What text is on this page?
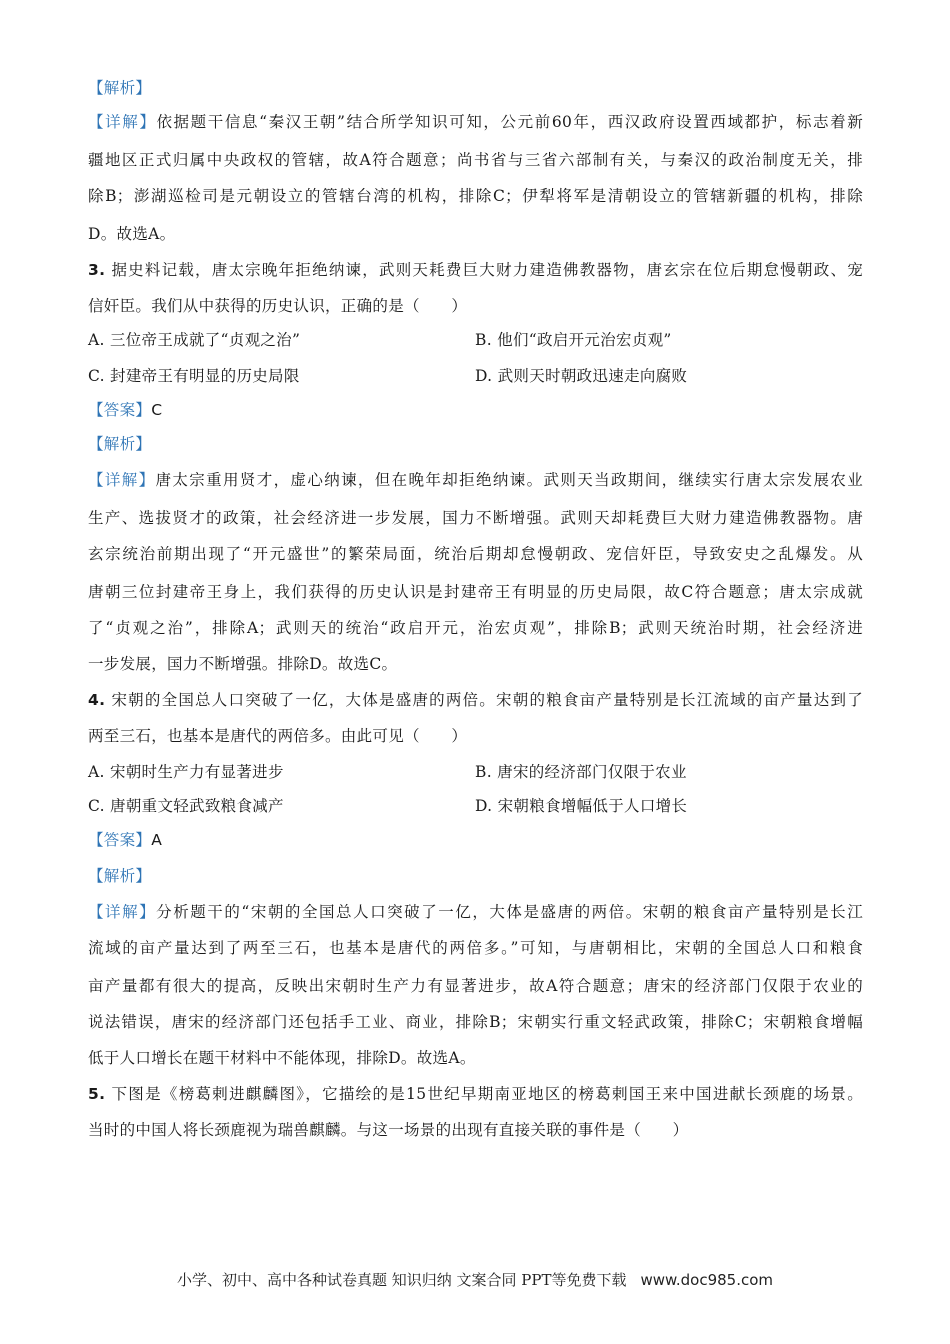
【解析】
【详解】依据题干信息“秦汉王朝”结合所学知识可知，公元前60年，西汉政府设置西域都护，标志着新
疆地区正式归属中央政权的管辖，故A符合题意；尚书省与三省六部制有关，与秦汉的政治制度无关，排
除B；澎湖巡检司是元朝设立的管辖台湾的机构，排除C；伊犁将军是清朝设立的管辖新疆的机构，排除
D。故选A。
3. 据史料记载，唐太宗晚年拒绝纳谏，武则天耗费巨大财力建造佛教器物，唐玄宗在位后期怠慢朝政、宠
信奸臣。我们从中获得的历史认识，正确的是（　　）
A. 三位帝王成就了“贞观之治”	B. 他们“政启开元治宏贞观”
C. 封建帝王有明显的历史局限	D. 武则天时朝政迅速走向腐败
【答案】C
【解析】
【详解】唐太宗重用贤才，虚心纳谏，但在晚年却拒绝纳谏。武则天当政期间，继续实行唐太宗发展农业
生产、选拔贤才的政策，社会经济进一步发展，国力不断增强。武则天却耗费巨大财力建造佛教器物。唐
玄宗统治前期出现了“开元盛世”的繁荣局面，统治后期却怠慢朝政、宠信奸臣，导致安史之乱爆发。从
唐朝三位封建帝王身上，我们获得的历史认识是封建帝王有明显的历史局限，故C符合题意；唐太宗成就
了“贞观之治”，排除A；武则天的统治“政启开元，治宏贞观”，排除B；武则天统治时期，社会经济进
一步发展，国力不断增强。排除D。故选C。
4. 宋朝的全国总人口突破了一亿，大体是盛唐的两倍。宋朝的粮食亩产量特别是长江流域的亩产量达到了
两至三石，也基本是唐代的两倍多。由此可见（　　）
A. 宋朝时生产力有显著进步	B. 唐宋的经济部门仅限于农业
C. 唐朝重文轻武致粮食减产	D. 宋朝粮食增幅低于人口增长
【答案】A
【解析】
【详解】分析题干的“宋朝的全国总人口突破了一亿，大体是盛唐的两倍。宋朝的粮食亩产量特别是长江
流域的亩产量达到了两至三石，也基本是唐代的两倍多。”可知，与唐朝相比，宋朝的全国总人口和粮食
亩产量都有很大的提高，反映出宋朝时生产力有显著进步，故A符合题意；唐宋的经济部门仅限于农业的
说法错误，唐宋的经济部门还包括手工业、商业，排除B；宋朝实行重文轻武政策，排除C；宋朝粮食增幅
低于人口增长在题干材料中不能体现，排除D。故选A。
5. 下图是《榜葛剌进麒麟图》，它描绘的是15世纪早期南亚地区的榜葛剌国王来中国进献长颈鹿的场景。
当时的中国人将长颈鹿视为瑞兽麒麟。与这一场景的出现有直接关联的事件是（　　）
小学、初中、高中各种试卷真题 知识归纳 文案合同 PPT等免费下载 www.doc985.com
